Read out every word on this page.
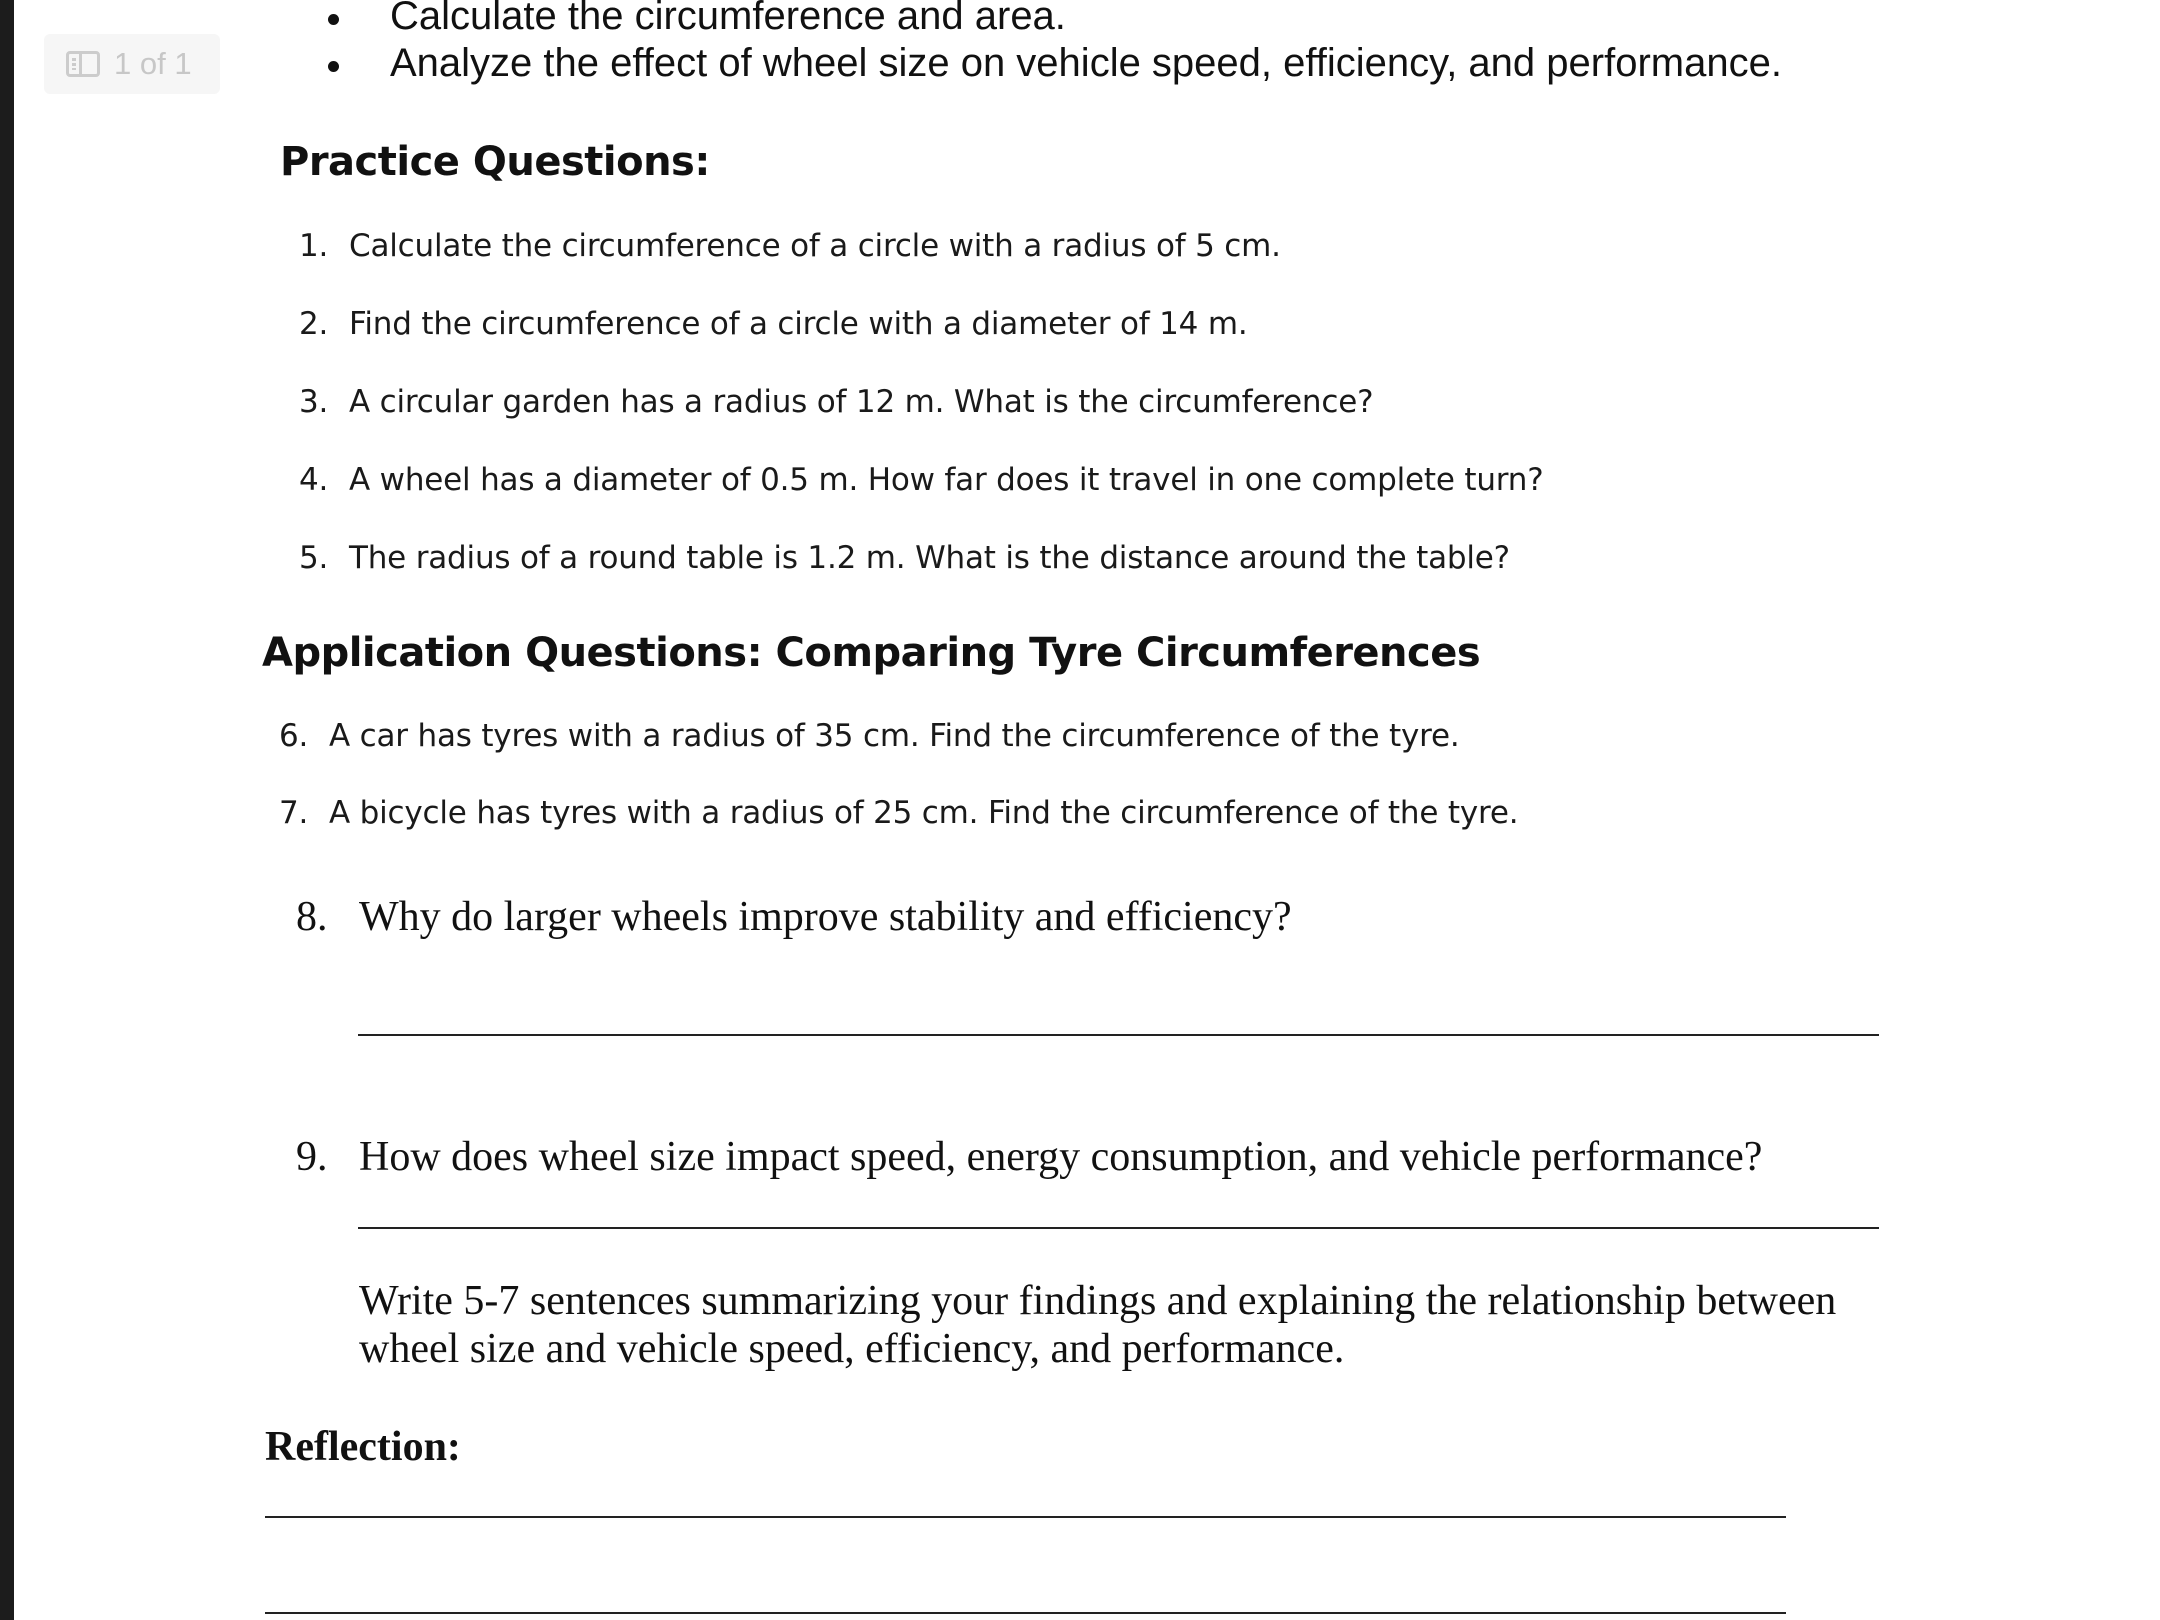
1 of 1
Calculate the circumference and area.
Analyze the effect of wheel size on vehicle speed, efficiency, and performance.
Practice Questions:
1. Calculate the circumference of a circle with a radius of 5 cm.
2. Find the circumference of a circle with a diameter of 14 m.
3. A circular garden has a radius of 12 m. What is the circumference?
4. A wheel has a diameter of 0.5 m. How far does it travel in one complete turn?
5. The radius of a round table is 1.2 m. What is the distance around the table?
Application Questions: Comparing Tyre Circumferences
6. A car has tyres with a radius of 35 cm. Find the circumference of the tyre.
7. A bicycle has tyres with a radius of 25 cm. Find the circumference of the tyre.
8. Why do larger wheels improve stability and efficiency?
9. How does wheel size impact speed, energy consumption, and vehicle performance?
Write 5-7 sentences summarizing your findings and explaining the relationship between
wheel size and vehicle speed, efficiency, and performance.
Reflection:
